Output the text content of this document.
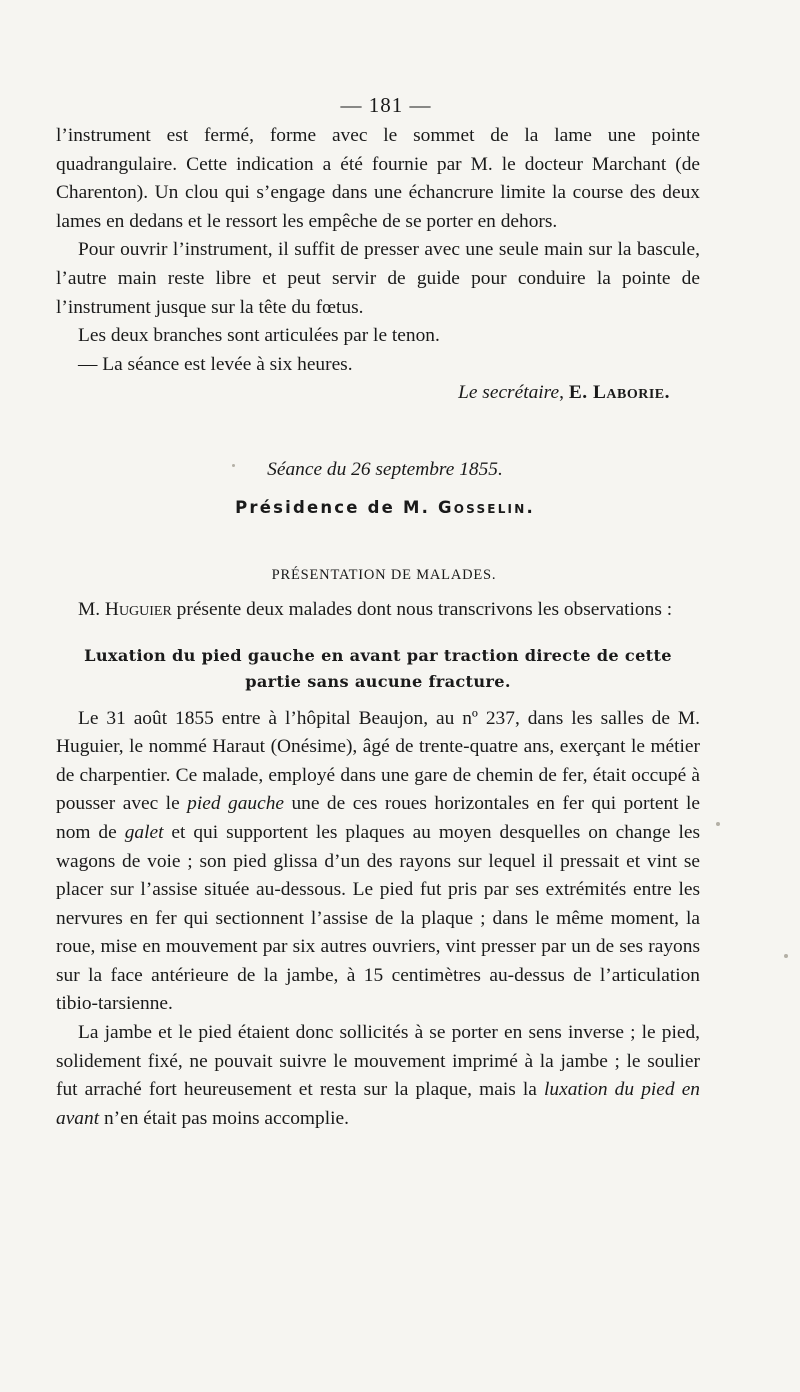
— 181 —

l’instrument est fermé, forme avec le sommet de la lame une pointe quadrangulaire. Cette indication a été fournie par M. le docteur Marchant (de Charenton). Un clou qui s’engage dans une échancrure limite la course des deux lames en dedans et le ressort les empêche de se porter en dehors.

Pour ouvrir l’instrument, il suffit de presser avec une seule main sur la bascule, l’autre main reste libre et peut servir de guide pour conduire la pointe de l’instrument jusque sur la tête du fœtus.

Les deux branches sont articulées par le tenon.

— La séance est levée à six heures.

Le secrétaire, E. Laborie.

Séance du 26 septembre 1855.
Présidence de M. Gosselin.
PRÉSENTATION DE MALADES.

M. Huguier présente deux malades dont nous transcrivons les observations :

Luxation du pied gauche en avant par traction directe de cette
partie sans aucune fracture.

Le 31 août 1855 entre à l’hôpital Beaujon, au nº 237, dans les salles de M. Huguier, le nommé Haraut (Onésime), âgé de trente-quatre ans, exerçant le métier de charpentier. Ce malade, employé dans une gare de chemin de fer, était occupé à pousser avec le pied gauche une de ces roues horizontales en fer qui portent le nom de galet et qui supportent les plaques au moyen desquelles on change les wagons de voie ; son pied glissa d’un des rayons sur lequel il pressait et vint se placer sur l’assise située au-dessous. Le pied fut pris par ses extrémités entre les nervures en fer qui sectionnent l’assise de la plaque ; dans le même moment, la roue, mise en mouvement par six autres ouvriers, vint presser par un de ses rayons sur la face antérieure de la jambe, à 15 centimètres au-dessus de l’articulation tibio-tarsienne.

La jambe et le pied étaient donc sollicités à se porter en sens inverse ; le pied, solidement fixé, ne pouvait suivre le mouvement imprimé à la jambe ; le soulier fut arraché fort heureusement et resta sur la plaque, mais la luxation du pied en avant n’en était pas moins accomplie.
